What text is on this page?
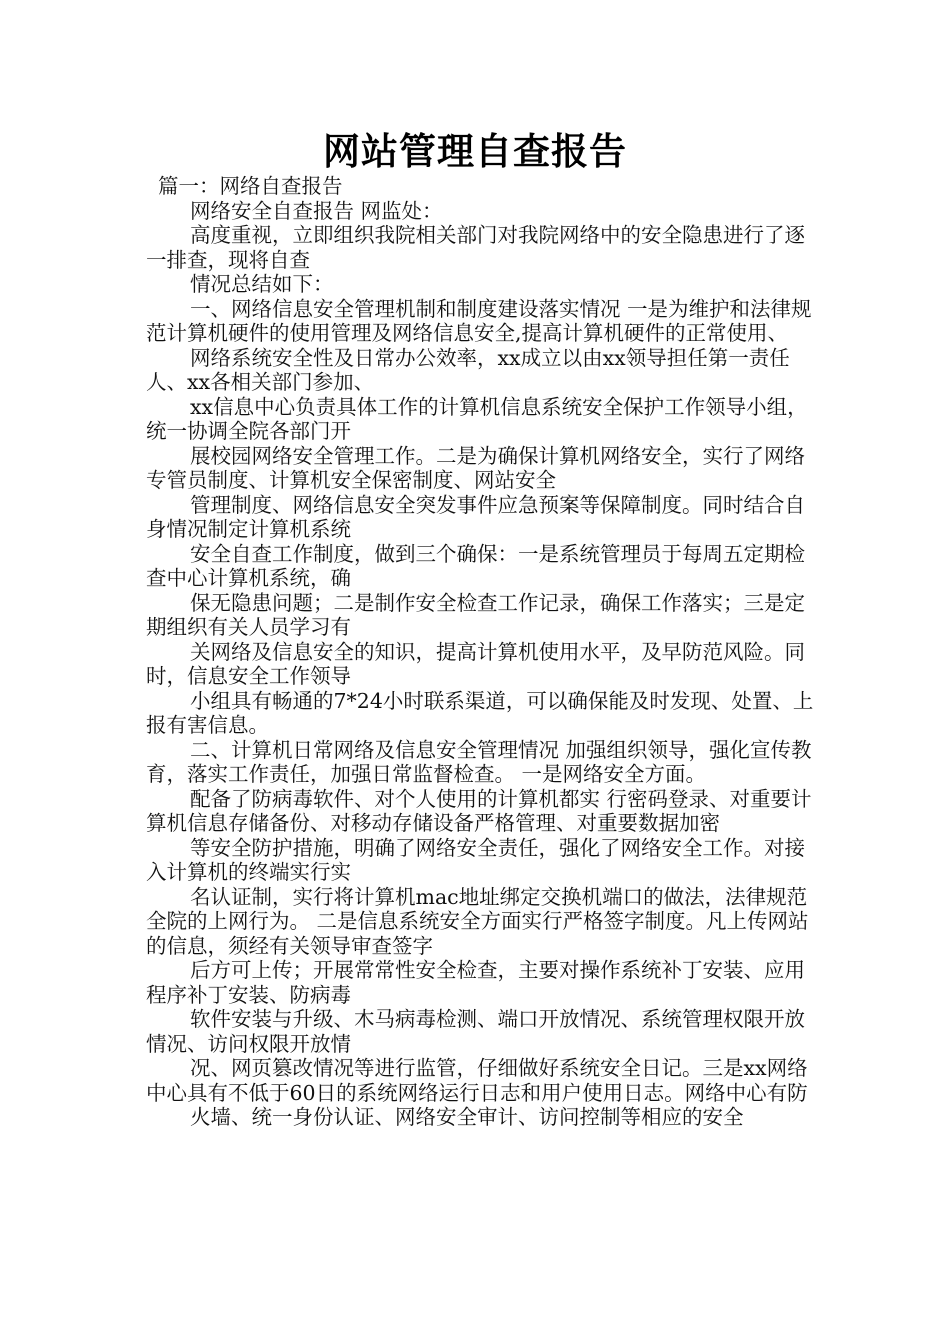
网站管理自查报告

篇一：网络自查报告

网络安全自查报告 网监处：

高度重视，立即组织我院相关部门对我院网络中的安全隐患进行了逐一排查，现将自查

情况总结如下：

一、网络信息安全管理机制和制度建设落实情况 一是为维护和法律规范计算机硬件的使用管理及网络信息安全,提高计算机硬件的正常使用、

网络系统安全性及日常办公效率，xx成立以由xx领导担任第一责任人、xx各相关部门参加、

xx信息中心负责具体工作的计算机信息系统安全保护工作领导小组，统一协调全院各部门开

展校园网络安全管理工作。二是为确保计算机网络安全，实行了网络专管员制度、计算机安全保密制度、网站安全

管理制度、网络信息安全突发事件应急预案等保障制度。同时结合自身情况制定计算机系统

安全自查工作制度，做到三个确保：一是系统管理员于每周五定期检查中心计算机系统，确

保无隐患问题；二是制作安全检查工作记录，确保工作落实；三是定期组织有关人员学习有

关网络及信息安全的知识，提高计算机使用水平，及早防范风险。同时，信息安全工作领导

小组具有畅通的7*24小时联系渠道，可以确保能及时发现、处置、上报有害信息。

二、计算机日常网络及信息安全管理情况 加强组织领导，强化宣传教育，落实工作责任，加强日常监督检查。 一是网络安全方面。

配备了防病毒软件、对个人使用的计算机都实 行密码登录、对重要计算机信息存储备份、对移动存储设备严格管理、对重要数据加密

等安全防护措施，明确了网络安全责任，强化了网络安全工作。对接入计算机的终端实行实

名认证制，实行将计算机mac地址绑定交换机端口的做法，法律规范全院的上网行为。 二是信息系统安全方面实行严格签字制度。凡上传网站的信息，须经有关领导审查签字

后方可上传；开展常常性安全检查，主要对操作系统补丁安装、应用程序补丁安装、防病毒

软件安装与升级、木马病毒检测、端口开放情况、系统管理权限开放情况、访问权限开放情

况、网页篡改情况等进行监管，仔细做好系统安全日记。三是xx网络中心具有不低于60日的系统网络运行日志和用户使用日志。网络中心有防

火墙、统一身份认证、网络安全审计、访问控制等相应的安全
